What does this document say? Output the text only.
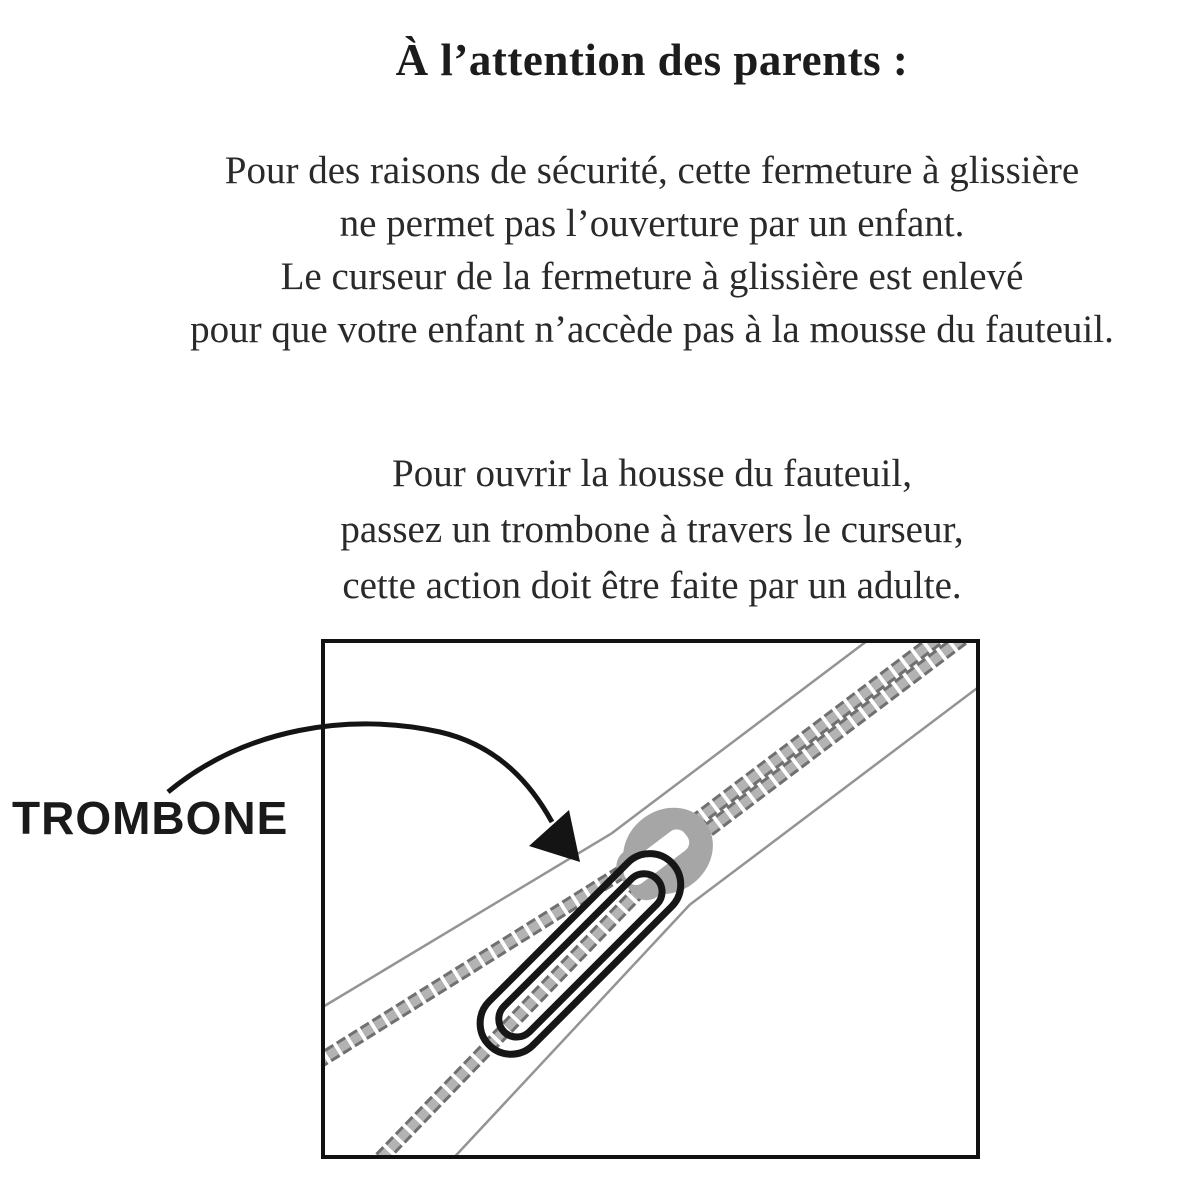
À l’attention des parents :
Pour des raisons de sécurité, cette fermeture à glissière
ne permet pas l’ouverture par un enfant.
Le curseur de la fermeture à glissière est enlevé
pour que votre enfant n’accède pas à la mousse du fauteuil.
Pour ouvrir la housse du fauteuil,
passez un trombone à travers le curseur,
cette action doit être faite par un adulte.
TROMBONE
